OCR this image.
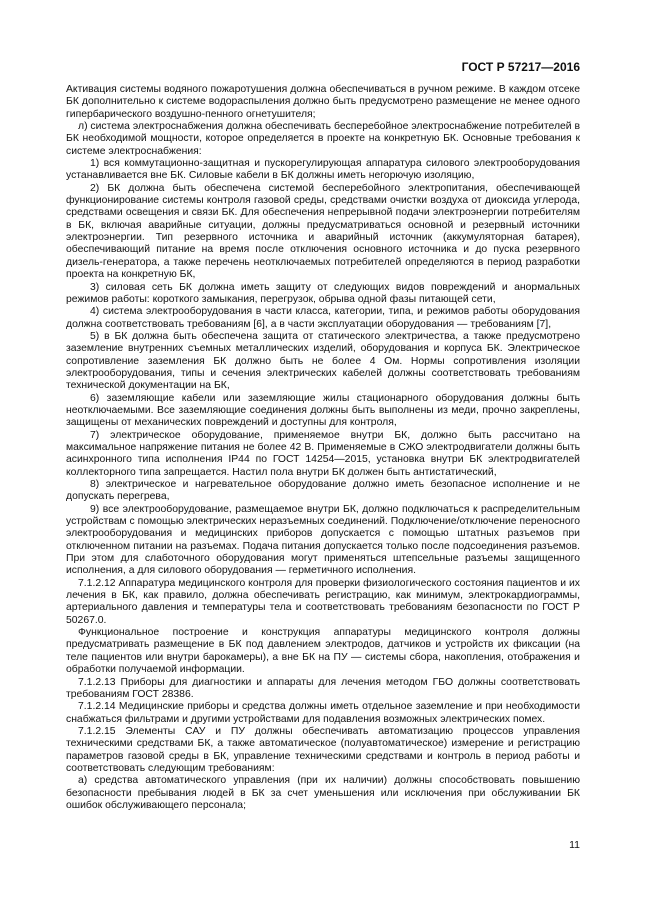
ГОСТ Р 57217—2016

Активация системы водяного пожаротушения должна обеспечиваться в ручном режиме. В каждом отсеке БК дополнительно к системе водораспыления должно быть предусмотрено размещение не менее одного гипербарического воздушно-пенного огнетушителя;

л) система электроснабжения должна обеспечивать бесперебойное электроснабжение потребителей в БК необходимой мощности, которое определяется в проекте на конкретную БК. Основные требования к системе электроснабжения:

1) вся коммутационно-защитная и пускорегулирующая аппаратура силового электрооборудования устанавливается вне БК. Силовые кабели в БК должны иметь негорючую изоляцию,

2) БК должна быть обеспечена системой бесперебойного электропитания, обеспечивающей функционирование системы контроля газовой среды, средствами очистки воздуха от диоксида углерода, средствами освещения и связи БК. Для обеспечения непрерывной подачи электроэнергии потребителям в БК, включая аварийные ситуации, должны предусматриваться основной и резервный источники электроэнергии. Тип резервного источника и аварийный источник (аккумуляторная батарея), обеспечивающий питание на время после отключения основного источника и до пуска резервного дизель-генератора, а также перечень неотключаемых потребителей определяются в период разработки проекта на конкретную БК,

3) силовая сеть БК должна иметь защиту от следующих видов повреждений и анормальных режимов работы: короткого замыкания, перегрузок, обрыва одной фазы питающей сети,

4) система электрооборудования в части класса, категории, типа, и режимов работы оборудования должна соответствовать требованиям [6], а в части эксплуатации оборудования — требованиям [7],

5) в БК должна быть обеспечена защита от статического электричества, а также предусмотрено заземление внутренних съемных металлических изделий, оборудования и корпуса БК. Электрическое сопротивление заземления БК должно быть не более 4 Ом. Нормы сопротивления изоляции электрооборудования, типы и сечения электрических кабелей должны соответствовать требованиям технической документации на БК,

6) заземляющие кабели или заземляющие жилы стационарного оборудования должны быть неотключаемыми. Все заземляющие соединения должны быть выполнены из меди, прочно закреплены, защищены от механических повреждений и доступны для контроля,

7) электрическое оборудование, применяемое внутри БК, должно быть рассчитано на максимальное напряжение питания не более 42 В. Применяемые в СЖО электродвигатели должны быть асинхронного типа исполнения IP44 по ГОСТ 14254—2015, установка внутри БК электродвигателей коллекторного типа запрещается. Настил пола внутри БК должен быть антистатический,

8) электрическое и нагревательное оборудование должно иметь безопасное исполнение и не допускать перегрева,

9) все электрооборудование, размещаемое внутри БК, должно подключаться к распределительным устройствам с помощью электрических неразъемных соединений. Подключение/отключение переносного электрооборудования и медицинских приборов допускается с помощью штатных разъемов при отключенном питании на разъемах. Подача питания допускается только после подсоединения разъемов. При этом для слаботочного оборудования могут применяться штепсельные разъемы защищенного исполнения, а для силового оборудования — герметичного исполнения.

7.1.2.12 Аппаратура медицинского контроля для проверки физиологического состояния пациентов и их лечения в БК, как правило, должна обеспечивать регистрацию, как минимум, электрокардиограммы, артериального давления и температуры тела и соответствовать требованиям безопасности по ГОСТ Р 50267.0.

Функциональное построение и конструкция аппаратуры медицинского контроля должны предусматривать размещение в БК под давлением электродов, датчиков и устройств их фиксации (на теле пациентов или внутри барокамеры), а вне БК на ПУ — системы сбора, накопления, отображения и обработки получаемой информации.

7.1.2.13 Приборы для диагностики и аппараты для лечения методом ГБО должны соответствовать требованиям ГОСТ 28386.

7.1.2.14 Медицинские приборы и средства должны иметь отдельное заземление и при необходимости снабжаться фильтрами и другими устройствами для подавления возможных электрических помех.

7.1.2.15 Элементы САУ и ПУ должны обеспечивать автоматизацию процессов управления техническими средствами БК, а также автоматическое (полуавтоматическое) измерение и регистрацию параметров газовой среды в БК, управление техническими средствами и контроль в период работы и соответствовать следующим требованиям:

а) средства автоматического управления (при их наличии) должны способствовать повышению безопасности пребывания людей в БК за счет уменьшения или исключения при обслуживании БК ошибок обслуживающего персонала;

11
